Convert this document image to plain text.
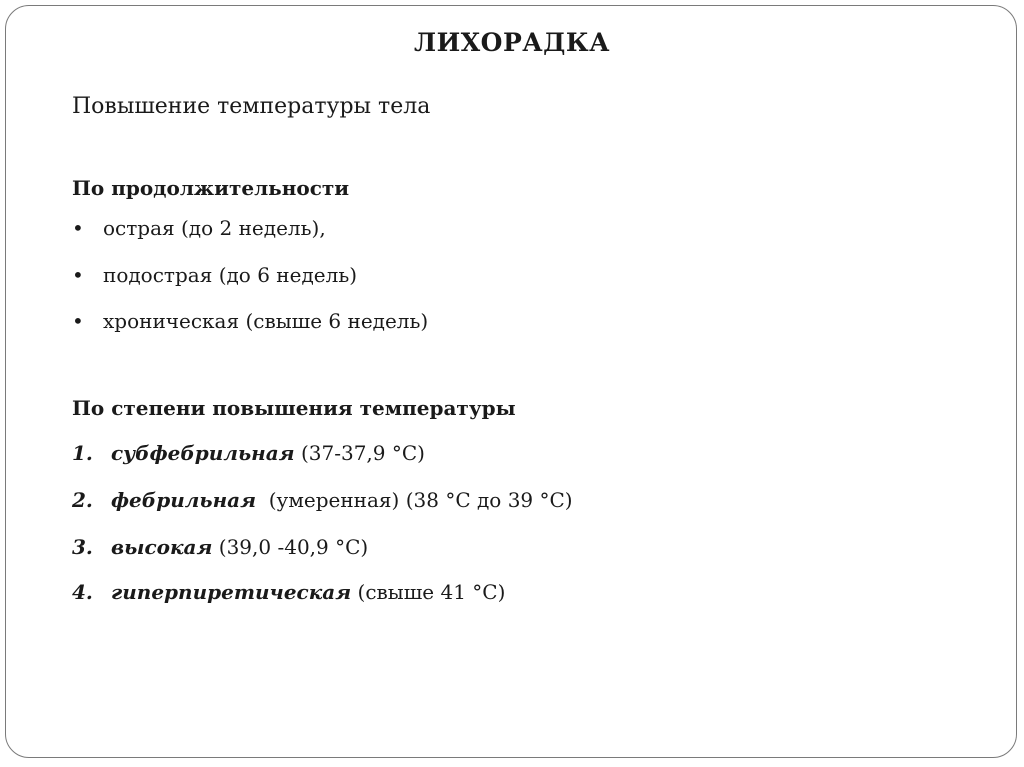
ЛИХОРАДКА
Повышение температуры тела
По продолжительности
• острая (до 2 недель),
• подострая (до 6 недель)
• хроническая (свыше 6 недель)
По степени повышения температуры
1. субфебрильная (37-37,9 °С)
2. фебрильная  (умеренная) (38 °С до 39 °С)
3. высокая (39,0 -40,9 °С)
4. гиперпиретическая (свыше 41 °С)
